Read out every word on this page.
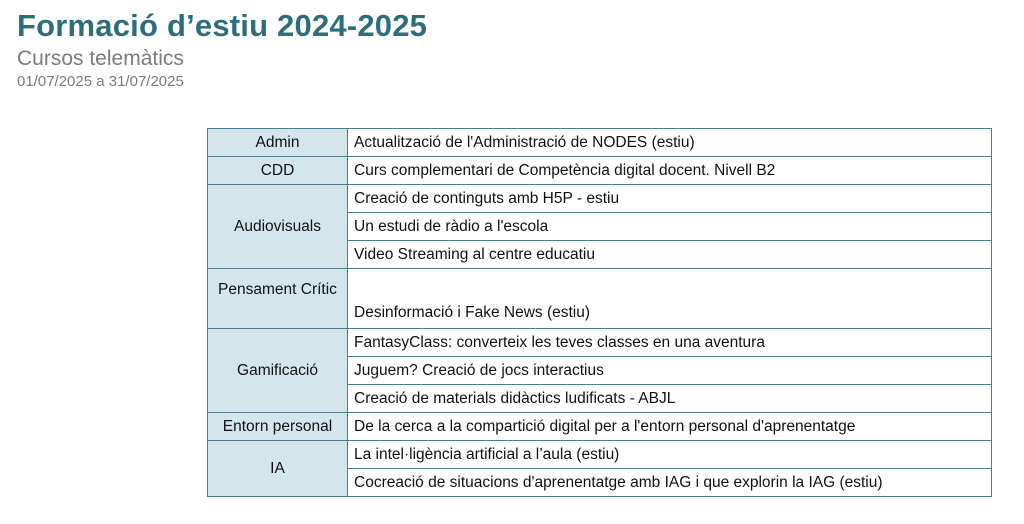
Formació d’estiu 2024-2025

Cursos telemàtics

01/07/2025 a 31/07/2025

Admin	Actualització de l'Administració de NODES (estiu)
CDD	Curs complementari de Competència digital docent. Nivell B2
Audiovisuals	Creació de continguts amb H5P - estiu
	Un estudi de ràdio a l'escola
	Video Streaming al centre educatiu
Pensament Crític	Desinformació i Fake News (estiu)
Gamificació	FantasyClass: converteix les teves classes en una aventura
	Juguem? Creació de jocs interactius
	Creació de materials didàctics ludificats - ABJL
Entorn personal	De la cerca a la compartició digital per a l'entorn personal d'aprenentatge
IA	La intel·ligència artificial a l’aula (estiu)
	Cocreació de situacions d'aprenentatge amb IAG i que explorin la IAG (estiu)
